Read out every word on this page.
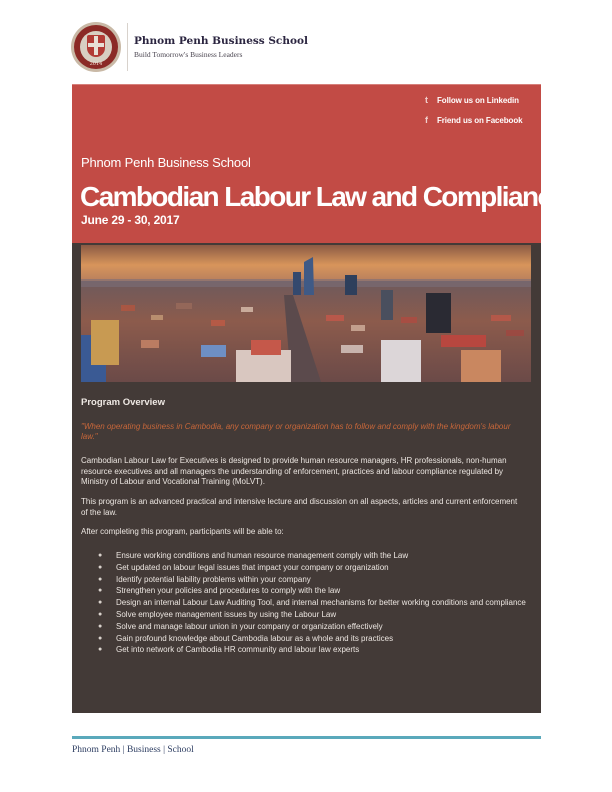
2014
Phnom Penh Business School
Build Tomorrow's Business Leaders
t	Follow us on Linkedin
f	Friend us on Facebook
Phnom Penh Business School
Cambodian Labour Law and Compliance
June 29 - 30, 2017
Program Overview
"When operating business in Cambodia, any company or organization has to follow and comply with the kingdom's labour law."
Cambodian Labour Law for Executives is designed to provide human resource managers, HR professionals, non-human resource executives and all managers the understanding of enforcement, practices and labour compliance regulated by Ministry of Labour and Vocational Training (MoLVT).
This program is an advanced practical and intensive lecture and discussion on all aspects, articles and current enforcement of the law.
After completing this program, participants will be able to:
●	Ensure working conditions and human resource management comply with the Law
●	Get updated on labour legal issues that impact your company or organization
●	Identify potential liability problems within your company
●	Strengthen your policies and procedures to comply with the law
●	Design an internal Labour Law Auditing Tool, and internal mechanisms for better working conditions and compliance
●	Solve employee management issues by using the Labour Law
●	Solve and manage labour union in your company or organization effectively
●	Gain profound knowledge about Cambodia labour as a whole and its practices
●	Get into network of Cambodia HR community and labour law experts
Phnom Penh | Business | School
